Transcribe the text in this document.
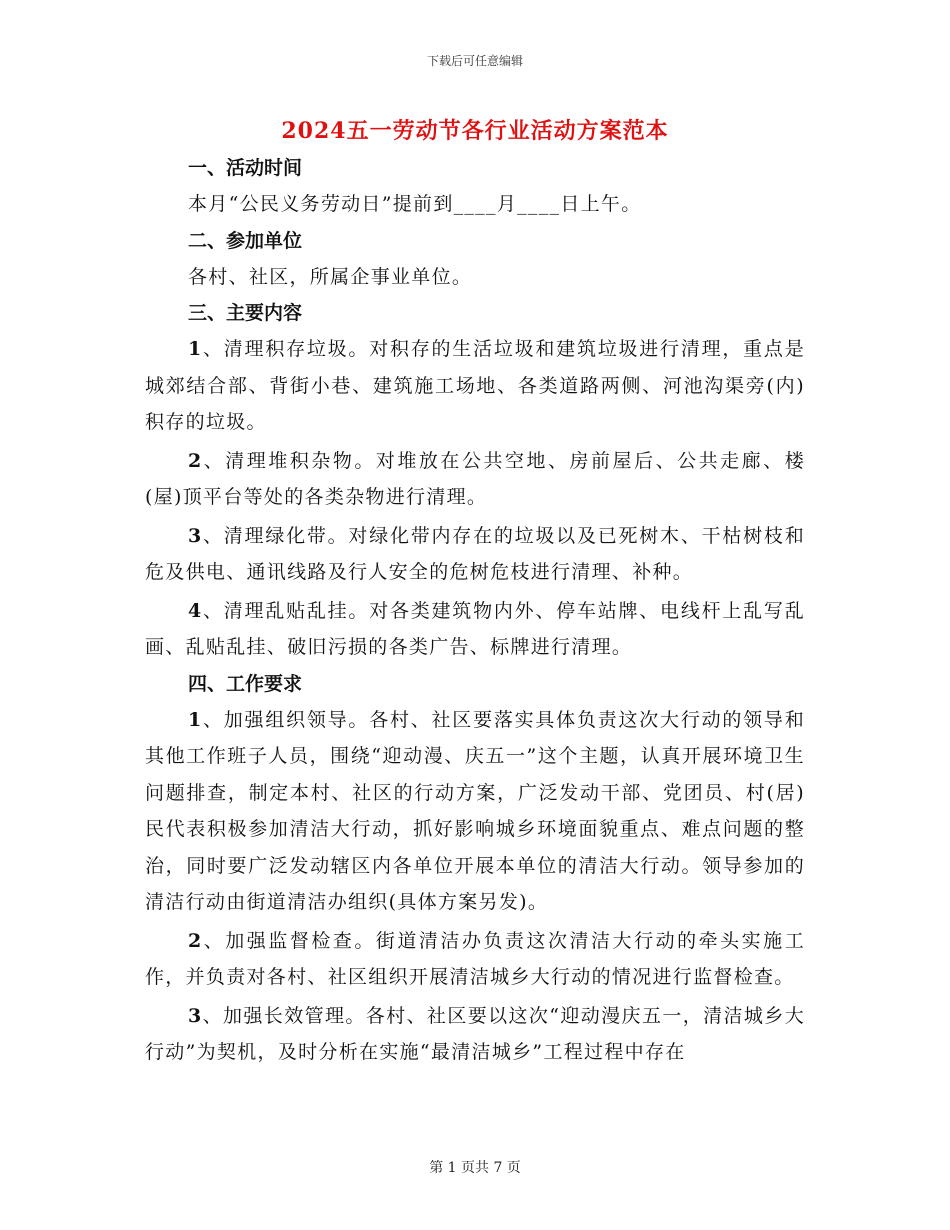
下载后可任意编辑
2024五一劳动节各行业活动方案范本
一、活动时间

本月“公民义务劳动日”提前到____月____日上午。

二、参加单位

各村、社区，所属企事业单位。

三、主要内容

1、清理积存垃圾。对积存的生活垃圾和建筑垃圾进行清理，重点是城郊结合部、背街小巷、建筑施工场地、各类道路两侧、河池沟渠旁(内)积存的垃圾。

2、清理堆积杂物。对堆放在公共空地、房前屋后、公共走廊、楼(屋)顶平台等处的各类杂物进行清理。

3、清理绿化带。对绿化带内存在的垃圾以及已死树木、干枯树枝和危及供电、通讯线路及行人安全的危树危枝进行清理、补种。

4、清理乱贴乱挂。对各类建筑物内外、停车站牌、电线杆上乱写乱画、乱贴乱挂、破旧污损的各类广告、标牌进行清理。

四、工作要求

1、加强组织领导。各村、社区要落实具体负责这次大行动的领导和其他工作班子人员，围绕“迎动漫、庆五一”这个主题，认真开展环境卫生问题排查，制定本村、社区的行动方案，广泛发动干部、党团员、村(居)民代表积极参加清洁大行动，抓好影响城乡环境面貌重点、难点问题的整治，同时要广泛发动辖区内各单位开展本单位的清洁大行动。领导参加的清洁行动由街道清洁办组织(具体方案另发)。

2、加强监督检查。街道清洁办负责这次清洁大行动的牵头实施工作，并负责对各村、社区组织开展清洁城乡大行动的情况进行监督检查。

3、加强长效管理。各村、社区要以这次“迎动漫庆五一，清洁城乡大行动”为契机，及时分析在实施“最清洁城乡”工程过程中存在

第 1 页共 7 页
